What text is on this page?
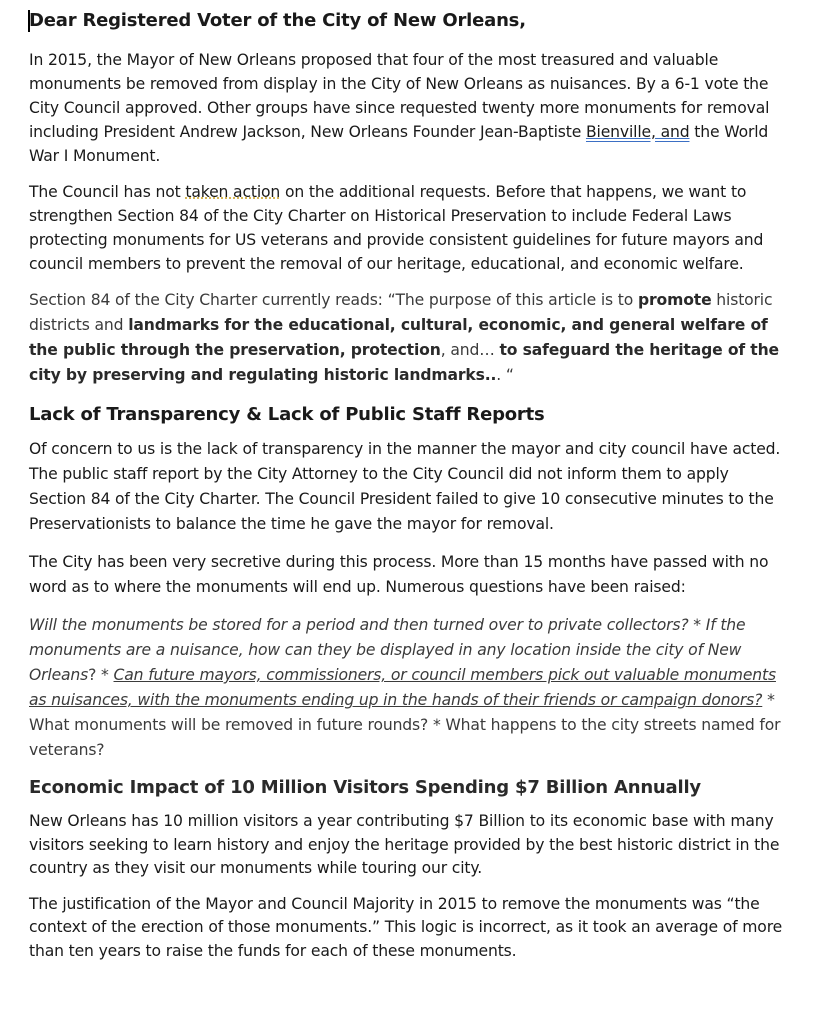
Dear Registered Voter of the City of New Orleans,

In 2015, the Mayor of New Orleans proposed that four of the most treasured and valuable monuments be removed from display in the City of New Orleans as nuisances. By a 6-1 vote the City Council approved. Other groups have since requested twenty more monuments for removal including President Andrew Jackson, New Orleans Founder Jean-Baptiste Bienville, and the World War I Monument.

The Council has not taken action on the additional requests. Before that happens, we want to strengthen Section 84 of the City Charter on Historical Preservation to include Federal Laws protecting monuments for US veterans and provide consistent guidelines for future mayors and council members to prevent the removal of our heritage, educational, and economic welfare.

Section 84 of the City Charter currently reads: “The purpose of this article is to promote historic districts and landmarks for the educational, cultural, economic, and general welfare of the public through the preservation, protection, and… to safeguard the heritage of the city by preserving and regulating historic landmarks... “

Lack of Transparency & Lack of Public Staff Reports

Of concern to us is the lack of transparency in the manner the mayor and city council have acted. The public staff report by the City Attorney to the City Council did not inform them to apply Section 84 of the City Charter. The Council President failed to give 10 consecutive minutes to the Preservationists to balance the time he gave the mayor for removal.

The City has been very secretive during this process. More than 15 months have passed with no word as to where the monuments will end up. Numerous questions have been raised:

Will the monuments be stored for a period and then turned over to private collectors? * If the monuments are a nuisance, how can they be displayed in any location inside the city of New Orleans? * Can future mayors, commissioners, or council members pick out valuable monuments as nuisances, with the monuments ending up in the hands of their friends or campaign donors? * What monuments will be removed in future rounds? * What happens to the city streets named for veterans?

Economic Impact of 10 Million Visitors Spending $7 Billion Annually

New Orleans has 10 million visitors a year contributing $7 Billion to its economic base with many visitors seeking to learn history and enjoy the heritage provided by the best historic district in the country as they visit our monuments while touring our city.

The justification of the Mayor and Council Majority in 2015 to remove the monuments was “the context of the erection of those monuments.” This logic is incorrect, as it took an average of more than ten years to raise the funds for each of these monuments.
